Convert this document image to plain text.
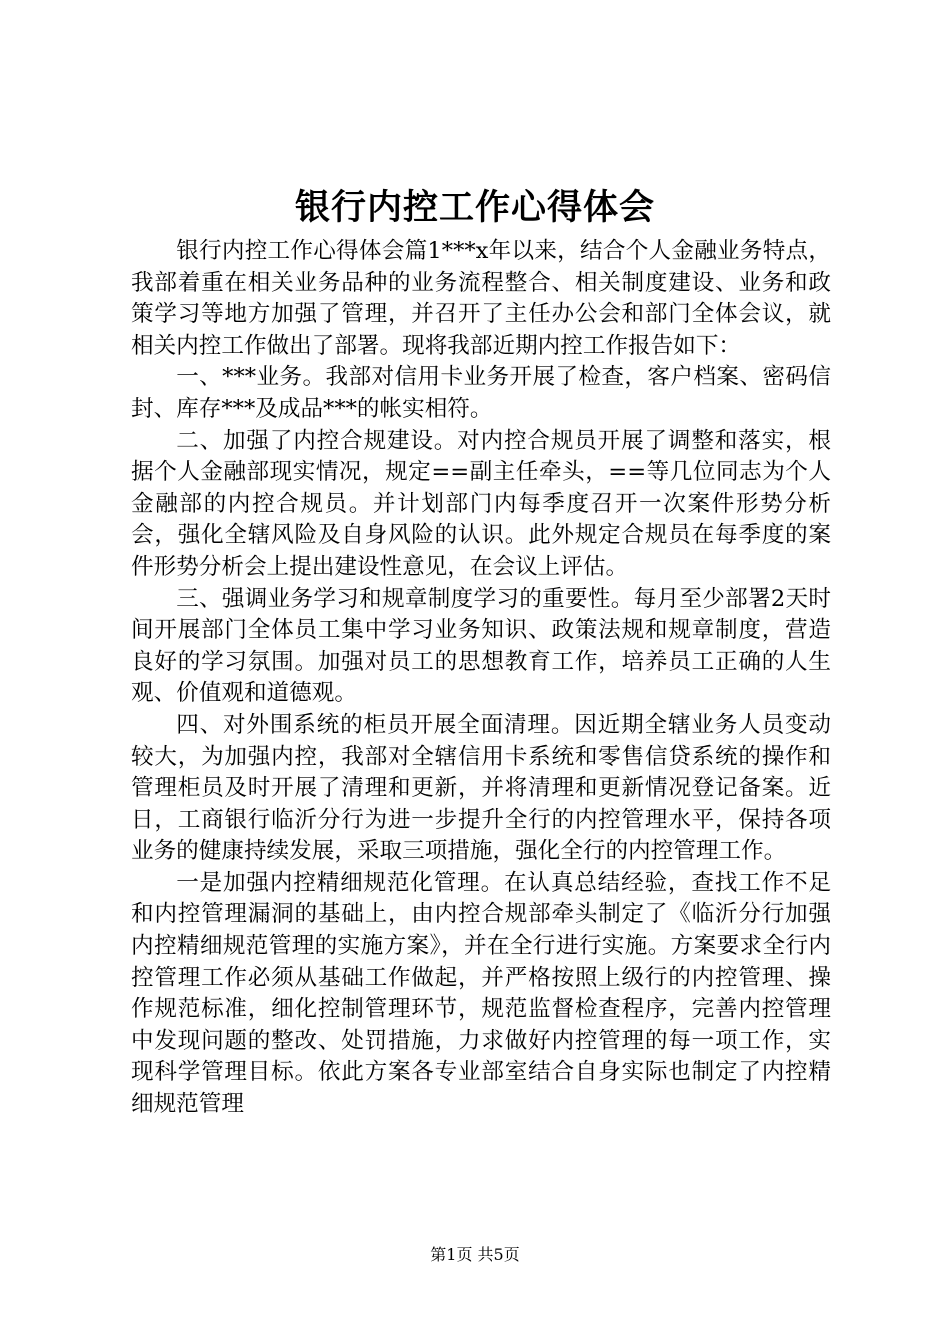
银行内控工作心得体会

银行内控工作心得体会篇1***x年以来，结合个人金融业务特点，我部着重在相关业务品种的业务流程整合、相关制度建设、业务和政策学习等地方加强了管理，并召开了主任办公会和部门全体会议，就相关内控工作做出了部署。现将我部近期内控工作报告如下：

一、***业务。我部对信用卡业务开展了检查，客户档案、密码信封、库存***及成品***的帐实相符。

二、加强了内控合规建设。对内控合规员开展了调整和落实，根据个人金融部现实情况，规定==副主任牵头，==等几位同志为个人金融部的内控合规员。并计划部门内每季度召开一次案件形势分析会，强化全辖风险及自身风险的认识。此外规定合规员在每季度的案件形势分析会上提出建设性意见，在会议上评估。

三、强调业务学习和规章制度学习的重要性。每月至少部署2天时间开展部门全体员工集中学习业务知识、政策法规和规章制度，营造良好的学习氛围。加强对员工的思想教育工作，培养员工正确的人生观、价值观和道德观。

四、对外围系统的柜员开展全面清理。因近期全辖业务人员变动较大，为加强内控，我部对全辖信用卡系统和零售信贷系统的操作和管理柜员及时开展了清理和更新，并将清理和更新情况登记备案。近日，工商银行临沂分行为进一步提升全行的内控管理水平，保持各项业务的健康持续发展，采取三项措施，强化全行的内控管理工作。

一是加强内控精细规范化管理。在认真总结经验，查找工作不足和内控管理漏洞的基础上，由内控合规部牵头制定了《临沂分行加强内控精细规范管理的实施方案》，并在全行进行实施。方案要求全行内控管理工作必须从基础工作做起，并严格按照上级行的内控管理、操作规范标准，细化控制管理环节，规范监督检查程序，完善内控管理中发现问题的整改、处罚措施，力求做好内控管理的每一项工作，实现科学管理目标。依此方案各专业部室结合自身实际也制定了内控精细规范管理

第1页 共5页
